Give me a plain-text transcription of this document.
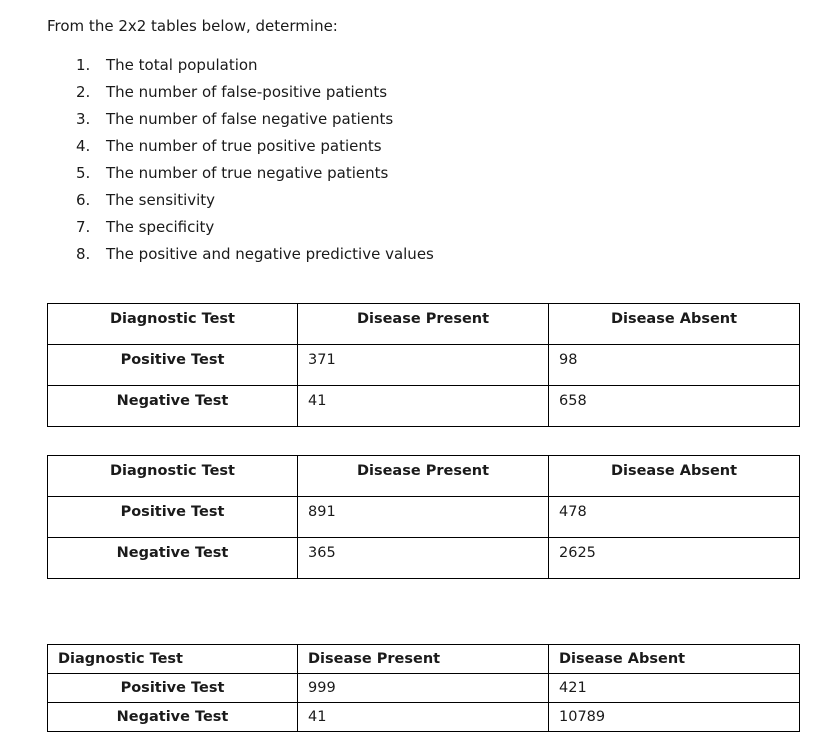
From the 2x2 tables below, determine:

1. The total population
2. The number of false-positive patients
3. The number of false negative patients
4. The number of true positive patients
5. The number of true negative patients
6. The sensitivity
7. The specificity
8. The positive and negative predictive values
Diagnostic Test	Disease Present	Disease Absent
Positive Test	371	98
Negative Test	41	658
Diagnostic Test	Disease Present	Disease Absent
Positive Test	891	478
Negative Test	365	2625
Diagnostic Test	Disease Present	Disease Absent
Positive Test	999	421
Negative Test	41	10789
